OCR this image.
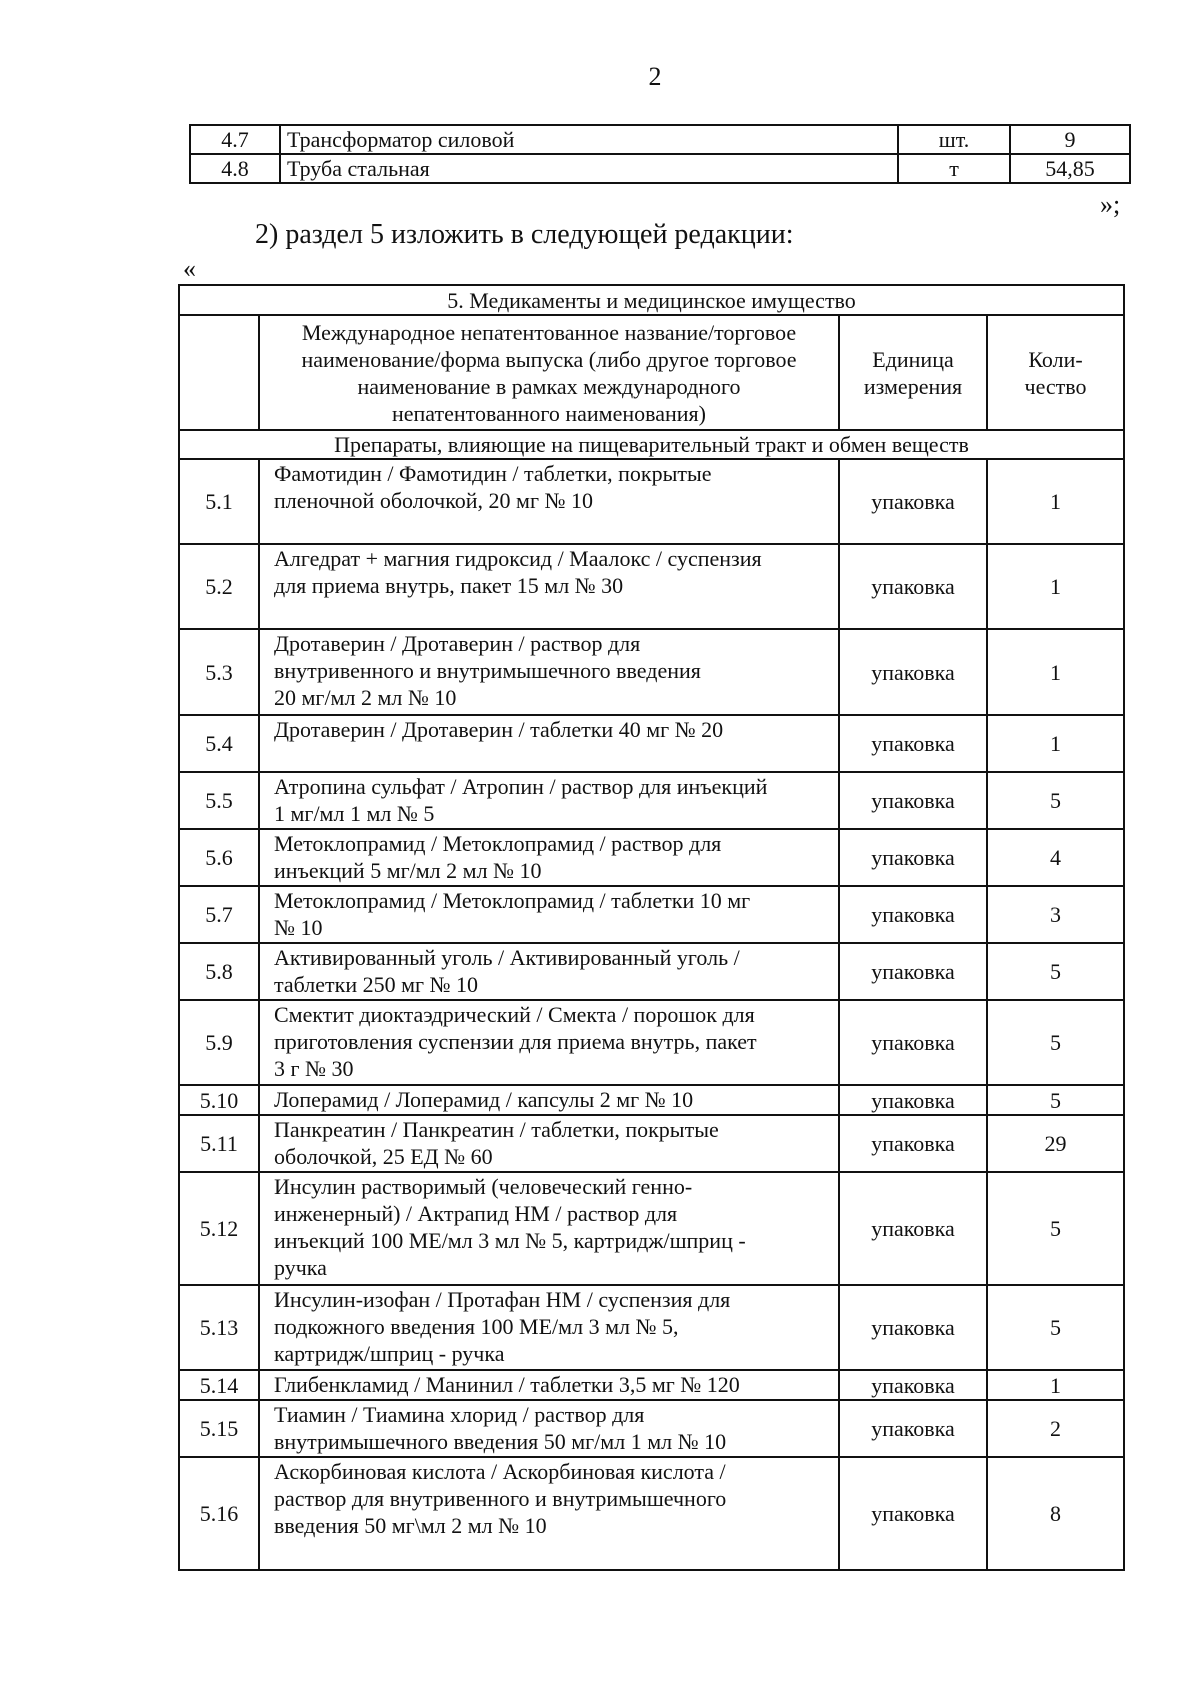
2
4.7	Трансформатор силовой	шт.	9
4.8	Труба стальная	т	54,85
»;
2) раздел 5 изложить в следующей редакции:
«
5. Медикаменты и медицинское имущество			

	Международное непатентованное название/торговое
наименование/форма выпуска (либо другое торговое
наименование в рамках международного
непатентованного наименования)	Единица
измерения	Коли-
чество

Препараты, влияющие на пищеварительный тракт и обмен веществ			
5.1	Фамотидин / Фамотидин / таблетки, покрытые
пленочной оболочкой, 20 мг № 10	упаковка	1
5.2	Алгедрат + магния гидроксид / Маалокс / суспензия
для приема внутрь, пакет 15 мл № 30	упаковка	1
5.3	Дротаверин / Дротаверин / раствор для
внутривенного и внутримышечного введения
20 мг/мл 2 мл № 10	упаковка	1
5.4	Дротаверин / Дротаверин / таблетки 40 мг № 20	упаковка	1
5.5	Атропина сульфат / Атропин / раствор для инъекций
1 мг/мл 1 мл № 5	упаковка	5
5.6	Метоклопрамид / Метоклопрамид / раствор для
инъекций 5 мг/мл 2 мл № 10	упаковка	4
5.7	Метоклопрамид / Метоклопрамид / таблетки 10 мг
№ 10	упаковка	3
5.8	Активированный уголь / Активированный уголь /
таблетки 250 мг № 10	упаковка	5
5.9	Смектит диоктаэдрический / Смекта / порошок для
приготовления суспензии для приема внутрь, пакет
3 г № 30	упаковка	5
5.10	Лоперамид / Лоперамид / капсулы 2 мг № 10	упаковка	5
5.11	Панкреатин / Панкреатин / таблетки, покрытые
оболочкой, 25 ЕД № 60	упаковка	29
5.12	Инсулин растворимый (человеческий генно-
инженерный) / Актрапид НМ / раствор для
инъекций 100 МЕ/мл 3 мл № 5, картридж/шприц -
ручка	упаковка	5
5.13	Инсулин-изофан / Протафан НМ / суспензия для
подкожного введения 100 МЕ/мл 3 мл № 5,
картридж/шприц - ручка	упаковка	5
5.14	Глибенкламид / Манинил / таблетки 3,5 мг № 120	упаковка	1
5.15	Тиамин / Тиамина хлорид / раствор для
внутримышечного введения 50 мг/мл 1 мл № 10	упаковка	2
5.16	Аскорбиновая кислота / Аскорбиновая кислота /
раствор для внутривенного и внутримышечного
введения 50 мг\мл 2 мл № 10	упаковка	8
